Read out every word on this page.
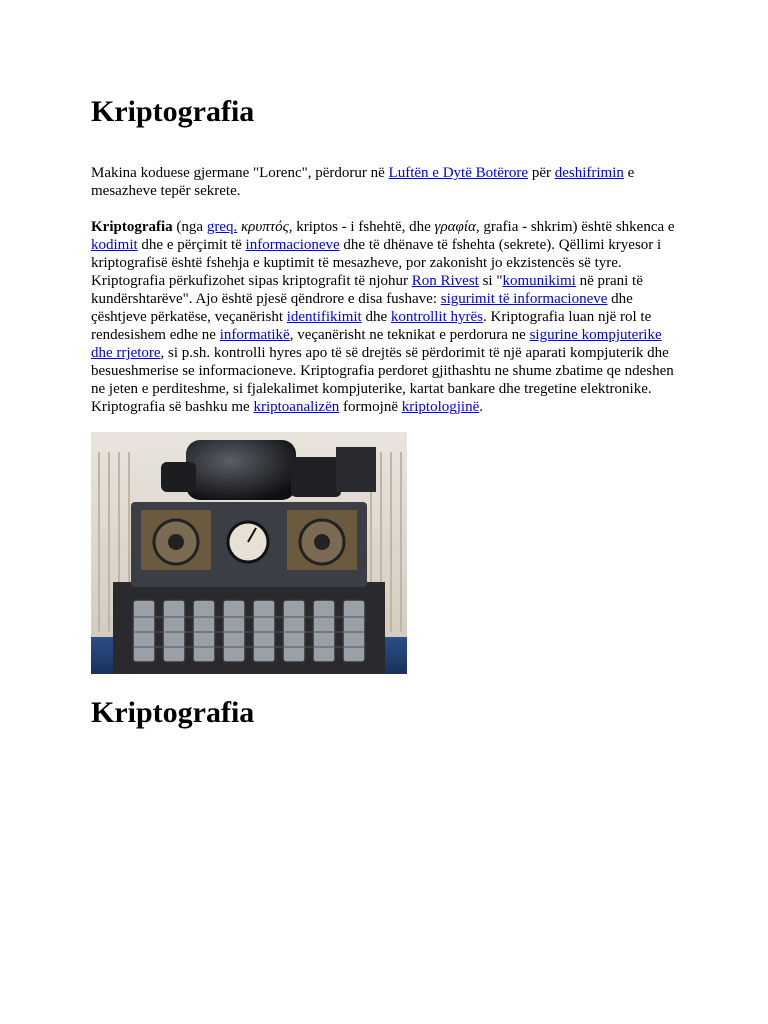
Kriptografia

Makina koduese gjermane "Lorenc", përdorur në Luftën e Dytë Botërore për deshifrimin e mesazheve tepër sekrete.

Kriptografia (nga greq. κρυπτός, kriptos - i fshehtë, dhe γραφία, grafia - shkrim) është shkenca e kodimit dhe e përçimit të informacioneve dhe të dhënave të fshehta (sekrete). Qëllimi kryesor i kriptografisë është fshehja e kuptimit të mesazheve, por zakonisht jo ekzistencës së tyre. Kriptografia përkufizohet sipas kriptografit të njohur Ron Rivest si "komunikimi në prani të kundërshtarëve". Ajo është pjesë qëndrore e disa fushave: sigurimit të informacioneve dhe çështjeve përkatëse, veçanërisht identifikimit dhe kontrollit hyrës. Kriptografia luan një rol te rendesishem edhe ne informatikë, veçanërisht ne teknikat e perdorura ne sigurine kompjuterike dhe rrjetore, si p.sh. kontrolli hyres apo të së drejtës së përdorimit të një aparati kompjuterik dhe besueshmerise se informacioneve. Kriptografia perdoret gjithashtu ne shume zbatime qe ndeshen ne jeten e perditeshme, si fjalekalimet kompjuterike, kartat bankare dhe tregetine elektronike. Kriptografia së bashku me kriptoanalizën formojnë kriptologjinë.

Kriptografia
